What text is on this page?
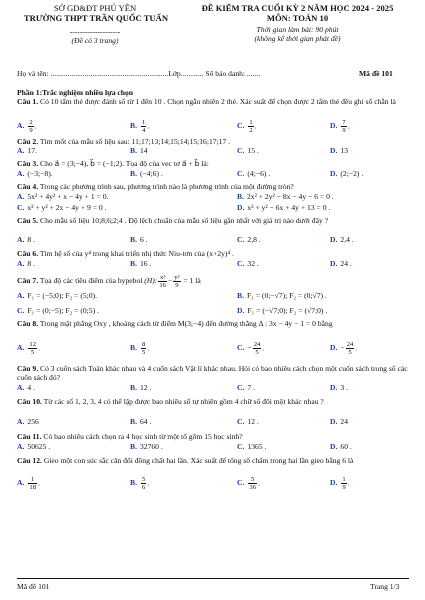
SỞ GD&ĐT PHÚ YÊN
TRƯỜNG THPT TRẦN QUỐC TUẤN
--------------------
(Đề có 3 trang)
ĐỀ KIỂM TRA CUỐI KỲ 2 NĂM HỌC 2024 - 2025
MÔN: TOÁN 10
Thời gian làm bài: 90 phút
(không kể thời gian phát đề)
Họ và tên: ..............................................................Lớp............ Số báo danh: .......	Mã đề 101
Phần 1:Trắc nghiệm nhiều lựa chọn
Câu 1. Có 10 tấm thẻ được đánh số từ 1 đến 10 . Chọn ngẫu nhiên 2 thẻ. Xác suất để chọn được 2 tấm thẻ đều ghi số chẵn là
A. $\frac{2}{9}$ .	B. $\frac{1}{4}$ .	C. $\frac{1}{2}$ .	D. $\frac{7}{9}$ .
Câu 2. Tìm mốt của mẫu số liệu sau: 11;17;13;14;15;14;15;16;17;17 .
A. 17.	B. 14	C. 15 .	D. 13
Câu 3. Cho a⃗ = (3;−4), b⃗ = (−1;2). Tọa độ của vec tơ a⃗ + b⃗ là:
A. (−3;−8).	B. (−4;6) .	C. (4;−6) .	D. (2;−2) .
Câu 4. Trong các phương trình sau, phương trình nào là phương trình của một đường tròn?
A. 5x² + 4y² + x − 4y + 1 = 0.	B. 2x² + 2y² − 8x − 4y − 6 = 0 .
C. x² + y² + 2x − 4y + 9 = 0 .	D. x² + y² − 6x + 4y + 13 = 0 .
Câu 5. Cho mẫu số liệu 10;8;6;2;4 . Độ lệch chuẩn của mẫu số liệu gần nhất với giá trị nào dưới đây ?
A. 8 .	B. 6 .	C. 2,8 .	D. 2,4 .
Câu 6. Tìm hệ số của y⁴ trong khai triển nhị thức Niu-tơn của (x+2y)⁴ .
A. 8 .	B. 16 .	C. 32 .	D. 24 .
Câu 7. Tọa độ các tiêu điểm của hypebol (H): $\frac{\text{x²}}{16} - \frac{\text{y²}}{9} = 1$ là
A. F₁ = (−5;0); F₂ = (5;0).	B. F₁ = (0;−√7); F₂ = (0;√7) .
C. F₁ = (0;−5); F₂ = (0;5) .	D. F₁ = (−√7;0); F₂ = (√7;0) .
Câu 8. Trong mặt phẳng Oxy , khoảng cách từ điểm M(3;−4) đến đường thẳng Δ : 3x − 4y − 1 = 0 bằng
A. $\frac{12}{5}$ .	B. $\frac{8}{5}$ .	C. − $\frac{24}{5}$ .	D. − $\frac{24}{5}$ .
Câu 9. Có 3 cuốn sách Toán khác nhau và 4 cuốn sách Vật lí khác nhau. Hỏi có bao nhiêu cách chọn một cuốn sách trong số các cuốn sách đó?
A. 4 .	B. 12 .	C. 7 .	D. 3 .
Câu 10. Từ các số 1, 2, 3, 4 có thể lập được bao nhiêu số tự nhiên gồm 4 chữ số đôi một khác nhau ?
A. 256	B. 64 .	C. 12 .	D. 24
Câu 11. Có bao nhiêu cách chọn ra 4 học sinh từ một tổ gồm 15 học sinh?
A. 50625 .	B. 32760 .	C. 1365 .	D. 60 .
Câu 12. Gieo một con súc sắc cân đối đồng chất hai lần. Xác suất để tổng số chấm trong hai lần gieo bằng 6 là
A. $\frac{1}{18}$ .	B. $\frac{5}{6}$ .	C. $\frac{5}{36}$ .	D. $\frac{1}{9}$ .
Mã đề 101	Trang 1/3
